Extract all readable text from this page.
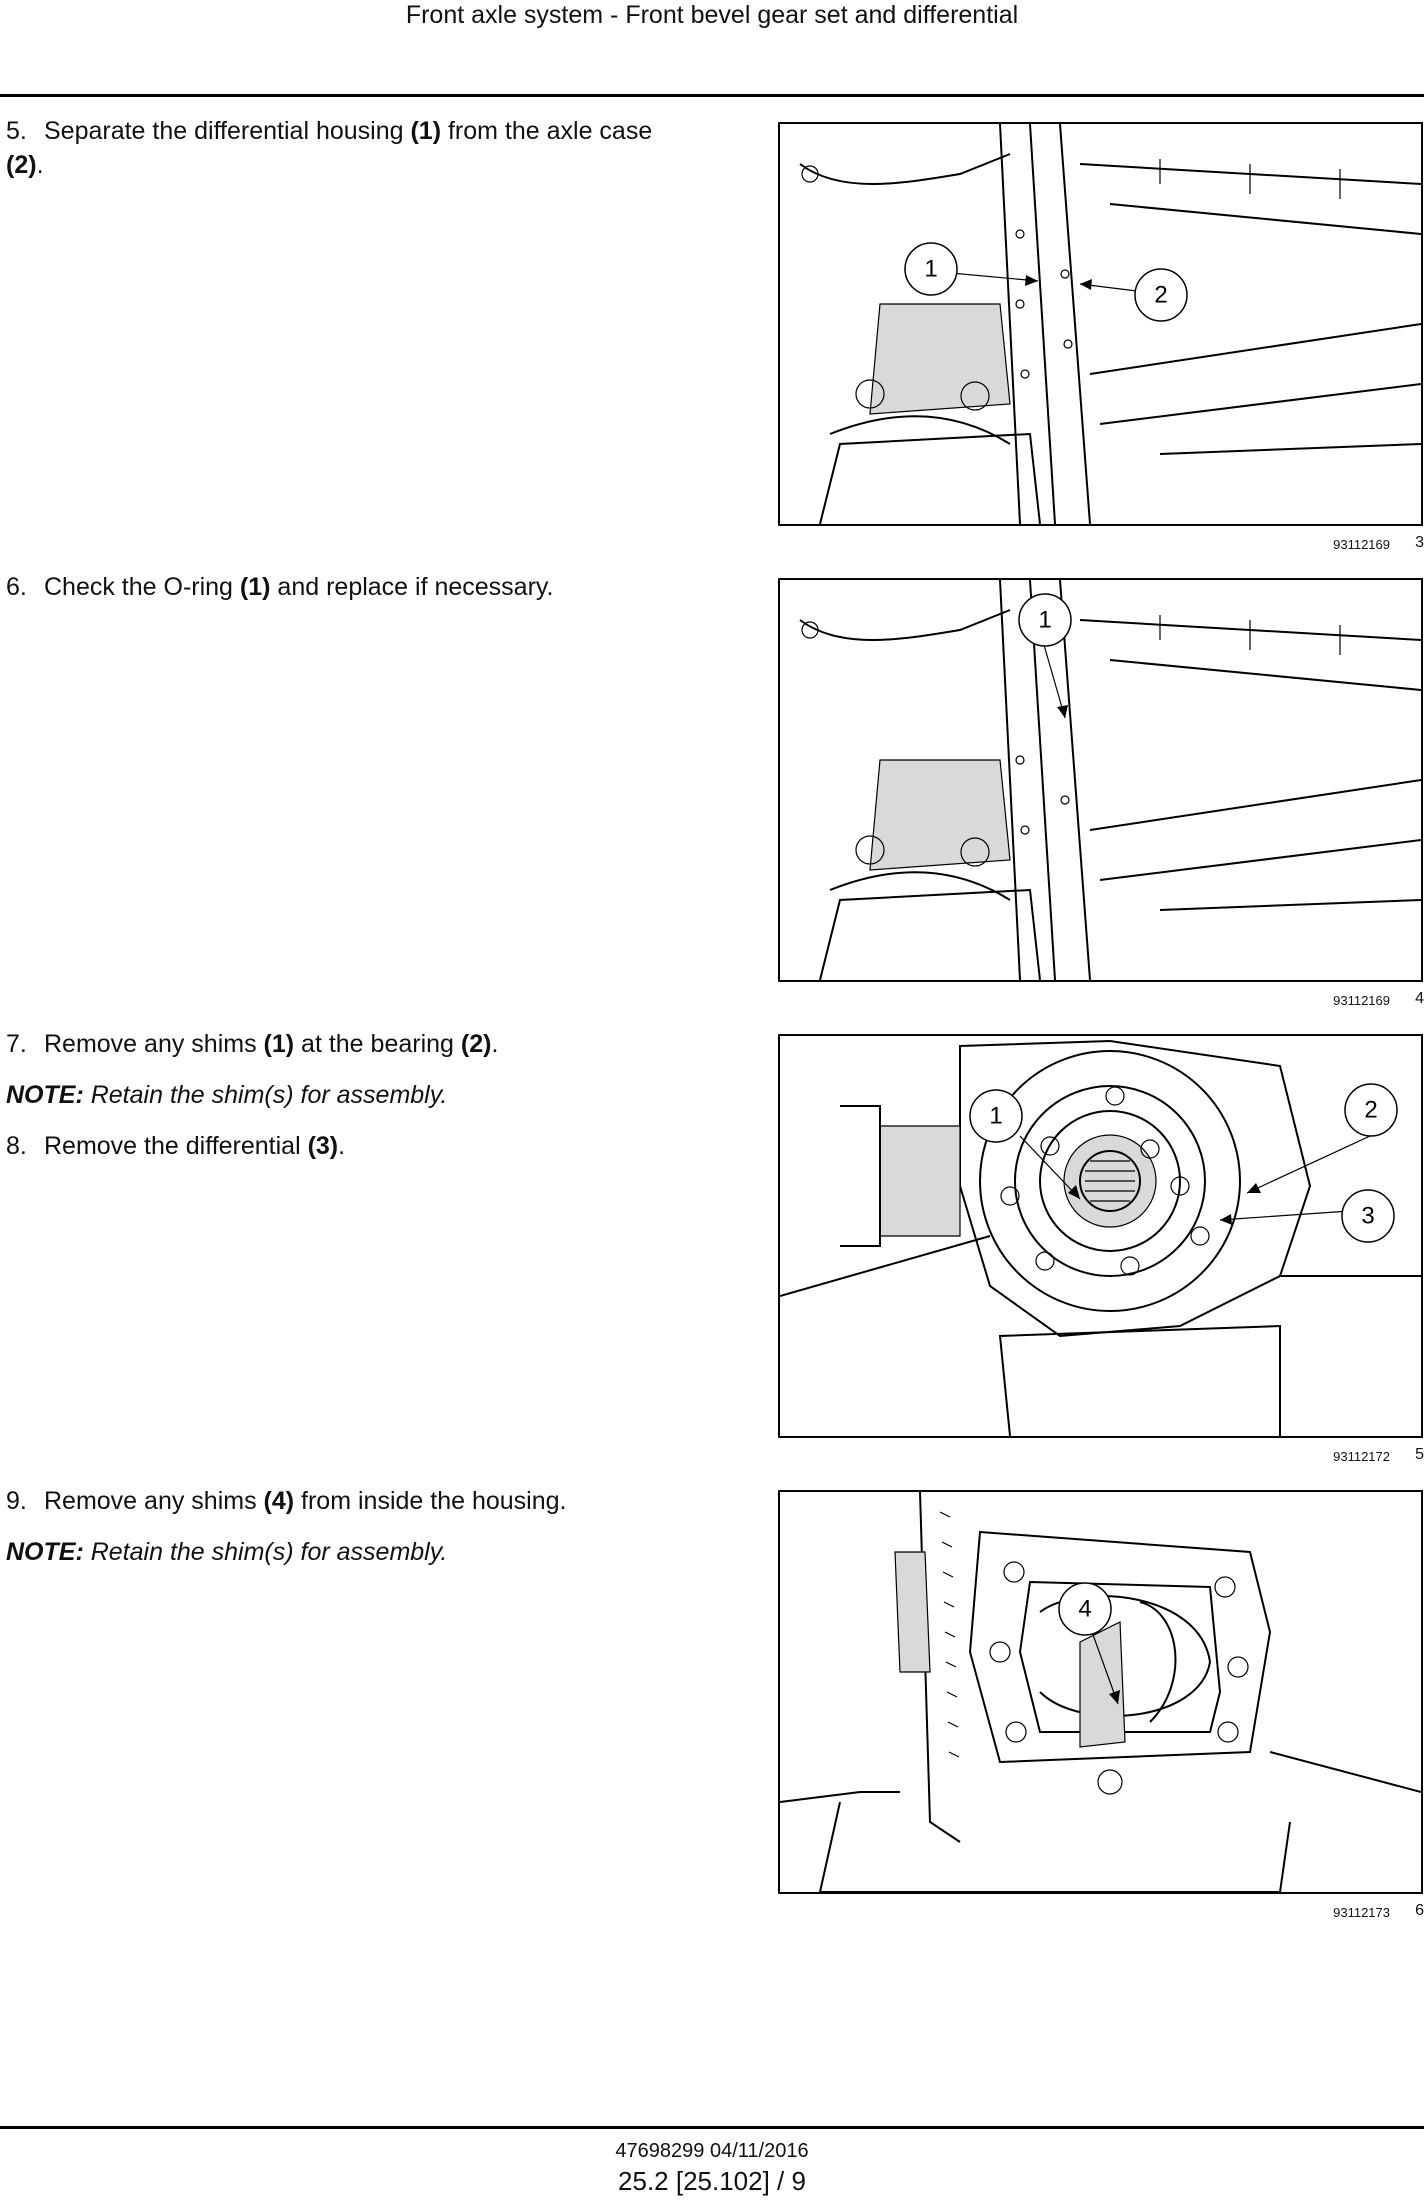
Front axle system - Front bevel gear set and differential
5. Separate the differential housing (1) from the axle case
(2).
6. Check the O-ring (1) and replace if necessary.
7. Remove any shims (1) at the bearing (2).
NOTE: Retain the shim(s) for assembly.
8. Remove the differential (3).
9. Remove any shims (4) from inside the housing.
NOTE: Retain the shim(s) for assembly.
1
2
93112169	3
1
93112169	4
1	2
3
93112172	5
4
93112173	6
47698299 04/11/2016
25.2 [25.102] / 9
